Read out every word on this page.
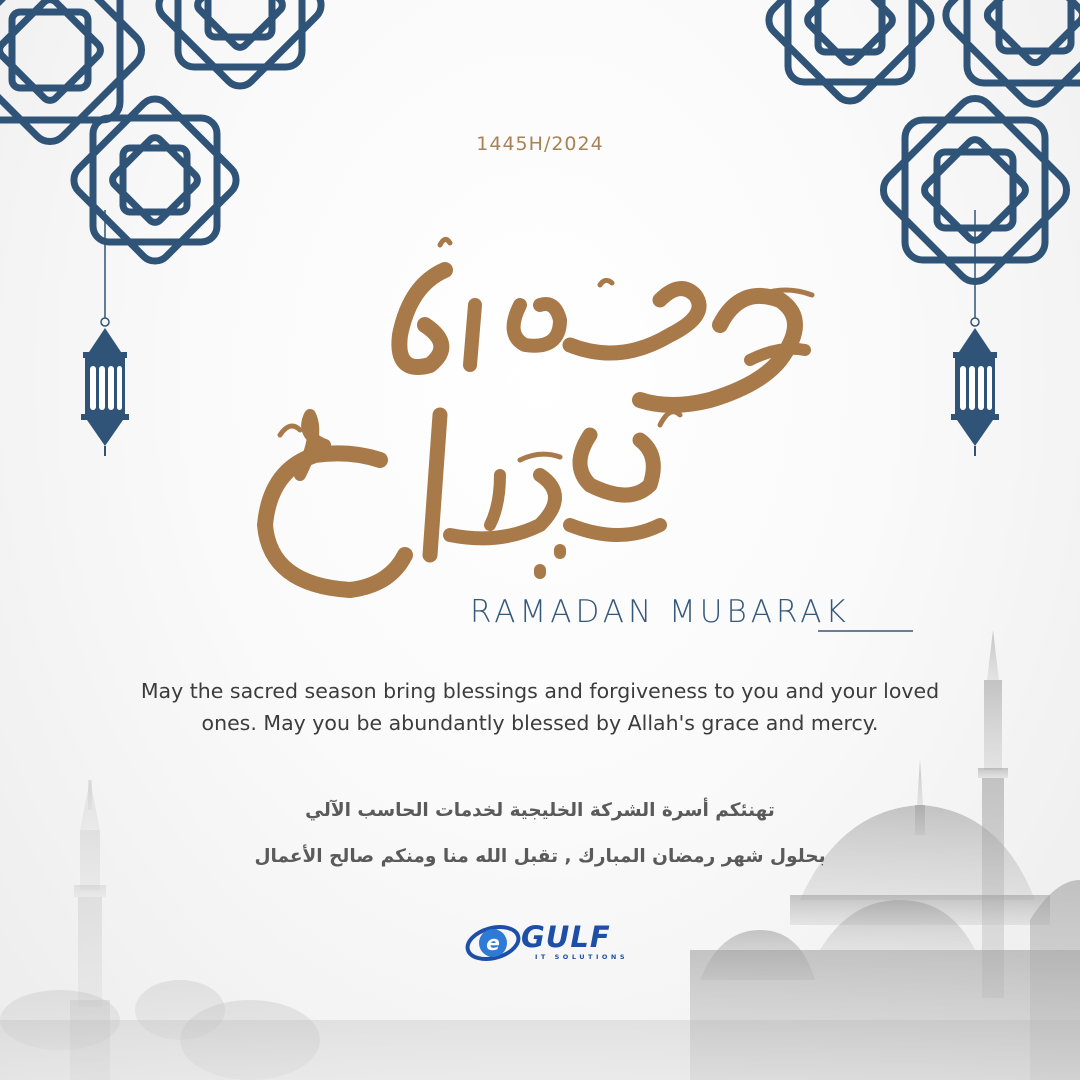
1445H/2024
RAMADAN MUBARAK
May the sacred season bring blessings and forgiveness to you and your loved ones. May you be abundantly blessed by Allah's grace and mercy.
تهنئكم أسرة الشركة الخليجية لخدمات الحاسب الآلي
بحلول شهر رمضان المبارك , تقبل الله منا ومنكم صالح الأعمال
e GULF
IT SOLUTIONS
